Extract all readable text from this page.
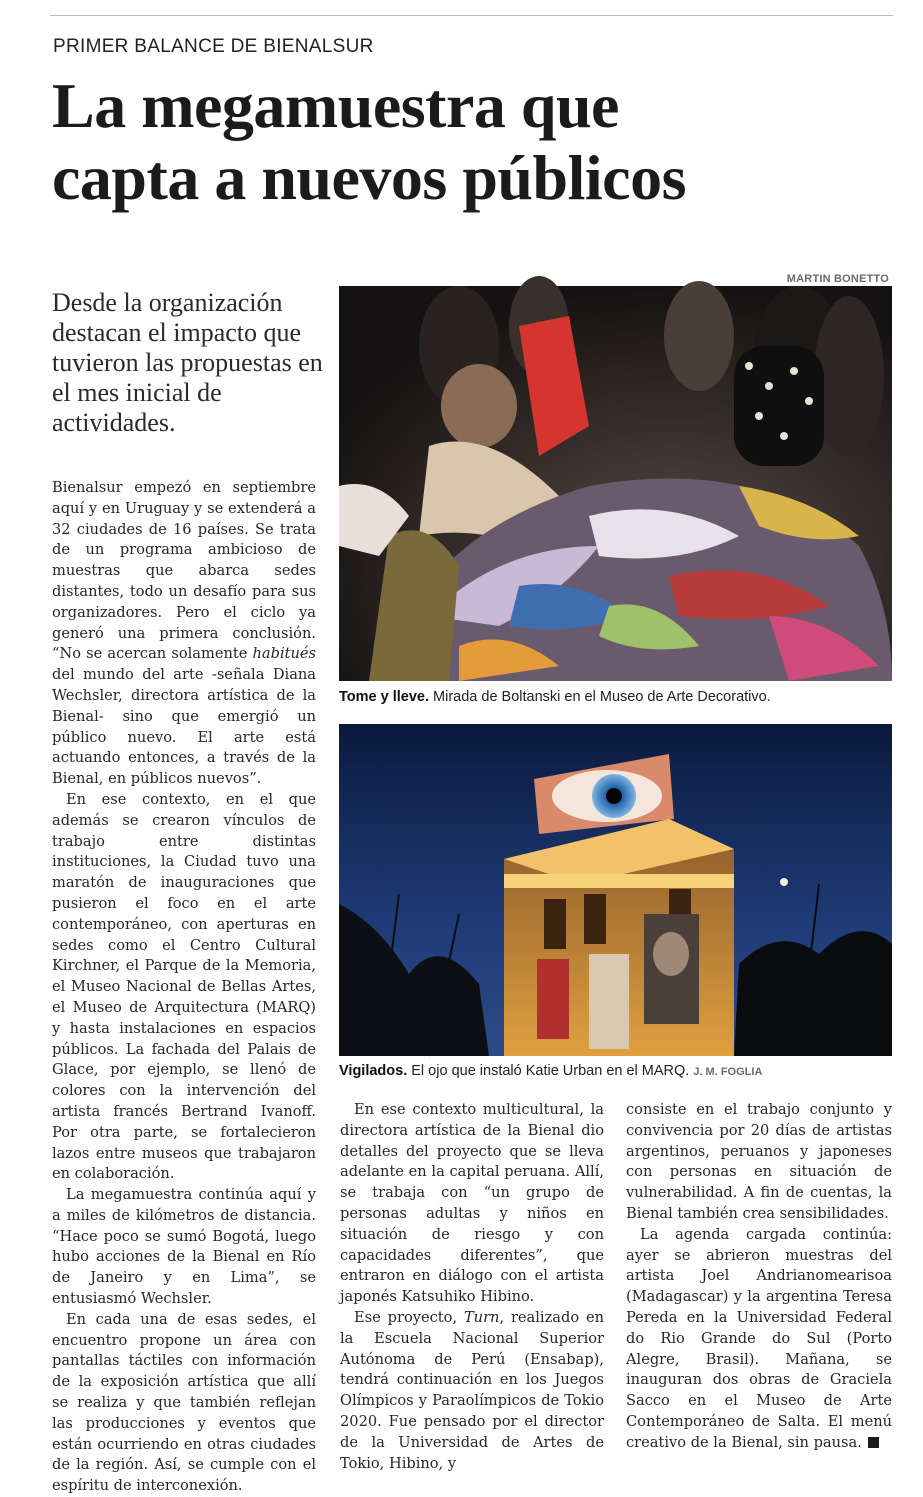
PRIMER BALANCE DE BIENALSUR
La megamuestra que
capta a nuevos públicos
MARTIN BONETTO
Desde la organización destacan el impacto que tuvieron las propuestas en el mes inicial de actividades.

Bienalsur empezó en septiembre aquí y en Uruguay y se extenderá a 32 ciudades de 16 países. Se trata de un programa ambicioso de muestras que abarca sedes distantes, todo un desafío para sus organizadores. Pero el ciclo ya generó una primera conclusión. “No se acercan solamente habitués del mundo del arte -señala Diana Wechsler, directora artística de la Bienal- sino que emergió un público nuevo. El arte está actuando entonces, a través de la Bienal, en públicos nuevos”.

En ese contexto, en el que además se crearon vínculos de trabajo entre distintas instituciones, la Ciudad tuvo una maratón de inauguraciones que pusieron el foco en el arte contemporáneo, con aperturas en sedes como el Centro Cultural Kirchner, el Parque de la Memoria, el Museo Nacional de Bellas Artes, el Museo de Arquitectura (MARQ) y hasta instalaciones en espacios públicos. La fachada del Palais de Glace, por ejemplo, se llenó de colores con la intervención del artista francés Bertrand Ivanoff. Por otra parte, se fortalecieron lazos entre museos que trabajaron en colaboración.

La megamuestra continúa aquí y a miles de kilómetros de distancia. “Hace poco se sumó Bogotá, luego hubo acciones de la Bienal en Río de Janeiro y en Lima”, se entusiasmó Wechsler.

En cada una de esas sedes, el encuentro propone un área con pantallas táctiles con información de la exposición artística que allí se realiza y que también reflejan las producciones y eventos que están ocurriendo en otras ciudades de la región. Así, se cumple con el espíritu de interconexión.

Tome y lleve. Mirada de Boltanski en el Museo de Arte Decorativo.
Vigilados. El ojo que instaló Katie Urban en el MARQ. J. M. FOGLIA

En ese contexto multicultural, la directora artística de la Bienal dio detalles del proyecto que se lleva adelante en la capital peruana. Allí, se trabaja con “un grupo de personas adultas y niños en situación de riesgo y con capacidades diferentes”, que entraron en diálogo con el artista japonés Katsuhiko Hibino.

Ese proyecto, Turn, realizado en la Escuela Nacional Superior Autónoma de Perú (Ensabap), tendrá continuación en los Juegos Olímpicos y Paraolímpicos de Tokio 2020. Fue pensado por el director de la Universidad de Artes de Tokio, Hibino, y

consiste en el trabajo conjunto y convivencia por 20 días de artistas argentinos, peruanos y japoneses con personas en situación de vulnerabilidad. A fin de cuentas, la Bienal también crea sensibilidades.

La agenda cargada continúa: ayer se abrieron muestras del artista Joel Andrianomearisoa (Madagascar) y la argentina Teresa Pereda en la Universidad Federal do Rio Grande do Sul (Porto Alegre, Brasil). Mañana, se inauguran dos obras de Graciela Sacco en el Museo de Arte Contemporáneo de Salta. El menú creativo de la Bienal, sin pausa.
